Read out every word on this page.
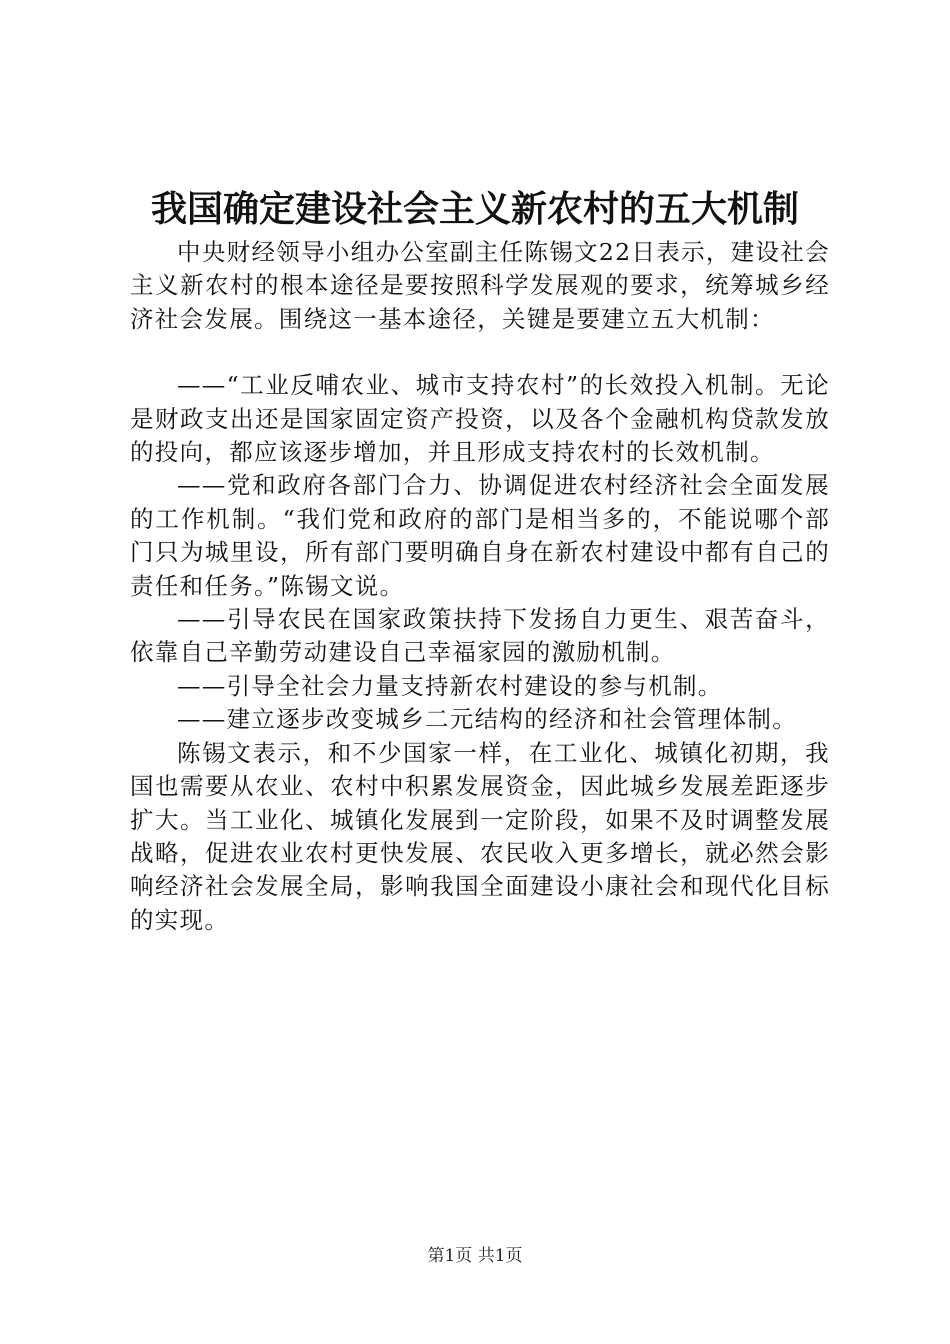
我国确定建设社会主义新农村的五大机制

中央财经领导小组办公室副主任陈锡文22日表示，建设社会主义新农村的根本途径是要按照科学发展观的要求，统筹城乡经济社会发展。围绕这一基本途径，关键是要建立五大机制：

——“工业反哺农业、城市支持农村”的长效投入机制。无论是财政支出还是国家固定资产投资，以及各个金融机构贷款发放的投向，都应该逐步增加，并且形成支持农村的长效机制。

——党和政府各部门合力、协调促进农村经济社会全面发展的工作机制。“我们党和政府的部门是相当多的，不能说哪个部门只为城里设，所有部门要明确自身在新农村建设中都有自己的责任和任务。”陈锡文说。

——引导农民在国家政策扶持下发扬自力更生、艰苦奋斗，依靠自己辛勤劳动建设自己幸福家园的激励机制。

——引导全社会力量支持新农村建设的参与机制。

——建立逐步改变城乡二元结构的经济和社会管理体制。

陈锡文表示，和不少国家一样，在工业化、城镇化初期，我国也需要从农业、农村中积累发展资金，因此城乡发展差距逐步扩大。当工业化、城镇化发展到一定阶段，如果不及时调整发展战略，促进农业农村更快发展、农民收入更多增长，就必然会影响经济社会发展全局，影响我国全面建设小康社会和现代化目标的实现。

第1页 共1页
